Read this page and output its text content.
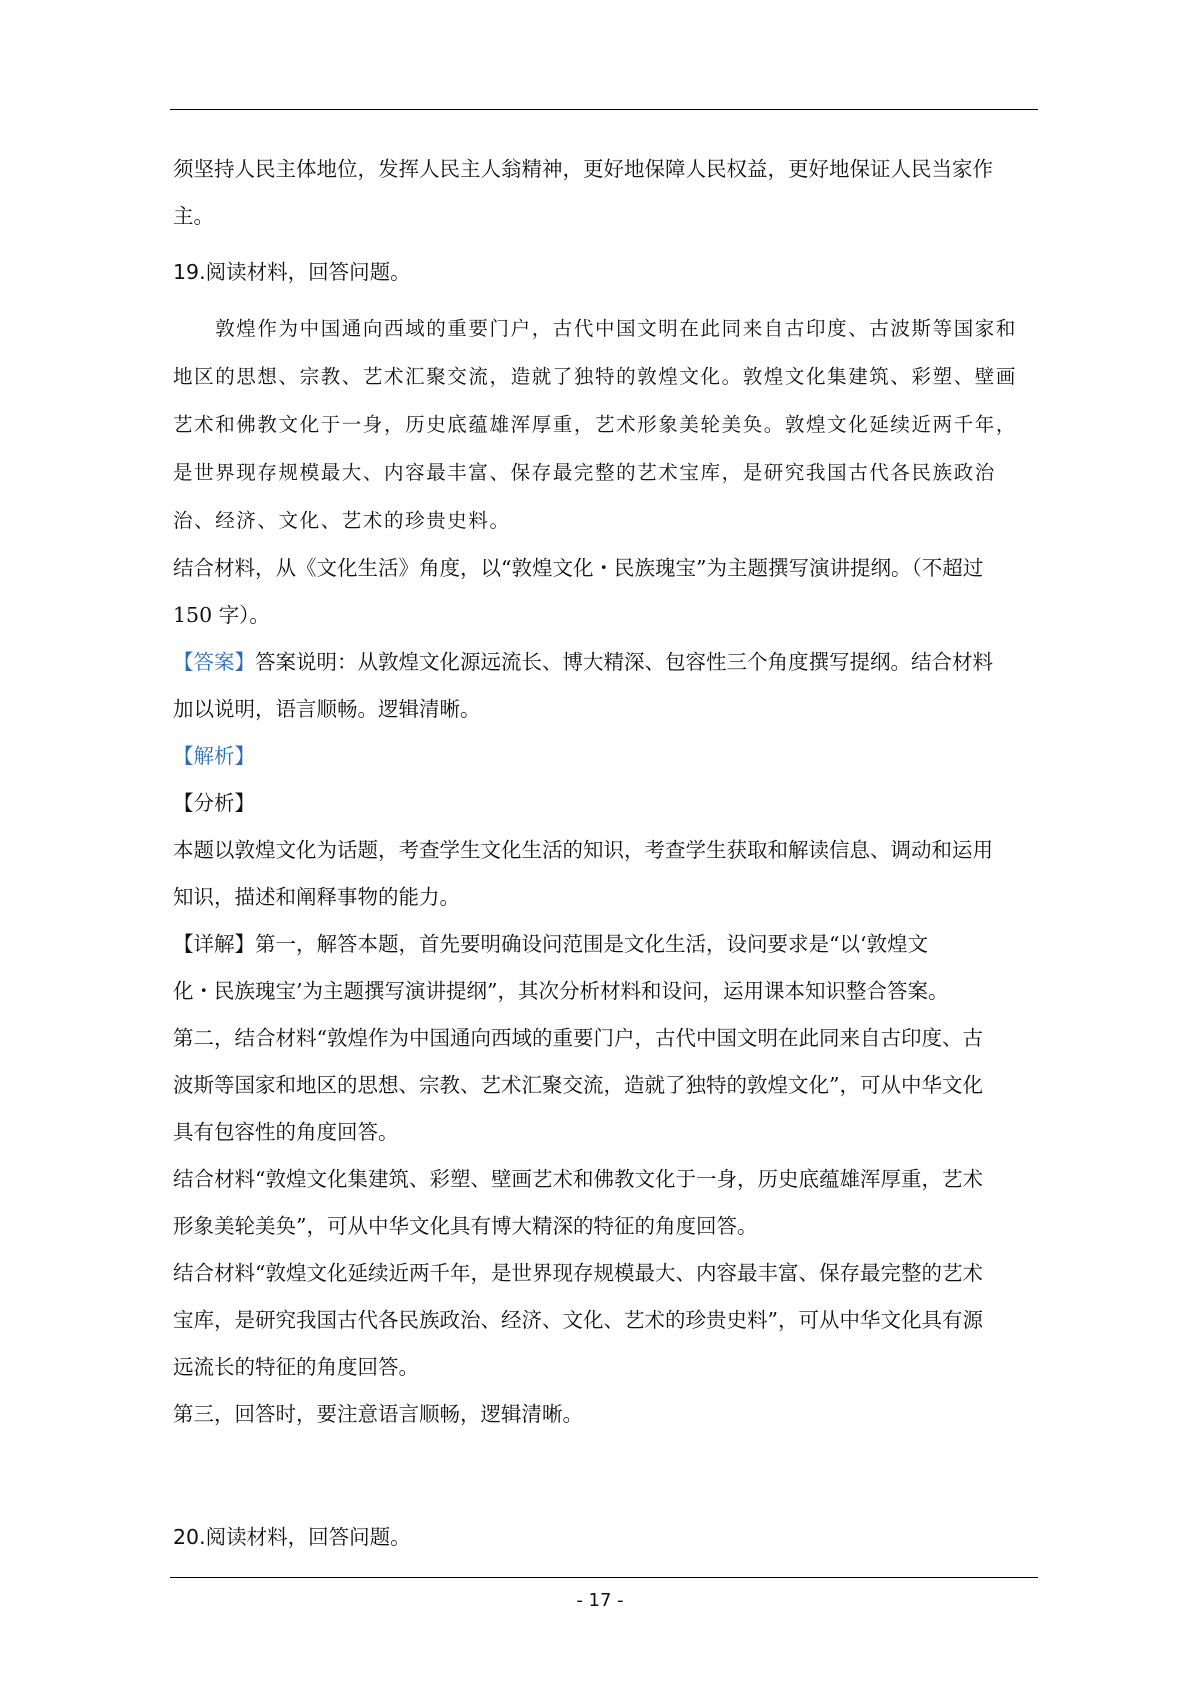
须坚持人民主体地位，发挥人民主人翁精神，更好地保障人民权益，更好地保证人民当家作
主。
19.阅读材料，回答问题。
　　敦煌作为中国通向西域的重要门户，古代中国文明在此同来自古印度、古波斯等国家和
地区的思想、宗教、艺术汇聚交流，造就了独特的敦煌文化。敦煌文化集建筑、彩塑、壁画
艺术和佛教文化于一身，历史底蕴雄浑厚重，艺术形象美轮美奂。敦煌文化延续近两千年，
是世界现存规模最大、内容最丰富、保存最完整的艺术宝库，是研究我国古代各民族政治
治、经济、文化、艺术的珍贵史料。
结合材料，从《文化生活》角度，以“敦煌文化・民族瑰宝”为主题撰写演讲提纲。（不超过
150 字）。
【答案】答案说明：从敦煌文化源远流长、博大精深、包容性三个角度撰写提纲。结合材料
加以说明，语言顺畅。逻辑清晰。
【解析】
【分析】
本题以敦煌文化为话题，考查学生文化生活的知识，考查学生获取和解读信息、调动和运用
知识，描述和阐释事物的能力。
【详解】第一，解答本题，首先要明确设问范围是文化生活，设问要求是“以‘敦煌文
化・民族瑰宝’为主题撰写演讲提纲”，其次分析材料和设问，运用课本知识整合答案。
第二，结合材料“敦煌作为中国通向西域的重要门户，古代中国文明在此同来自古印度、古
波斯等国家和地区的思想、宗教、艺术汇聚交流，造就了独特的敦煌文化”，可从中华文化
具有包容性的角度回答。
结合材料“敦煌文化集建筑、彩塑、壁画艺术和佛教文化于一身，历史底蕴雄浑厚重，艺术
形象美轮美奂”，可从中华文化具有博大精深的特征的角度回答。
结合材料“敦煌文化延续近两千年，是世界现存规模最大、内容最丰富、保存最完整的艺术
宝库，是研究我国古代各民族政治、经济、文化、艺术的珍贵史料”，可从中华文化具有源
远流长的特征的角度回答。
第三，回答时，要注意语言顺畅，逻辑清晰。
20.阅读材料，回答问题。
- 17 -
